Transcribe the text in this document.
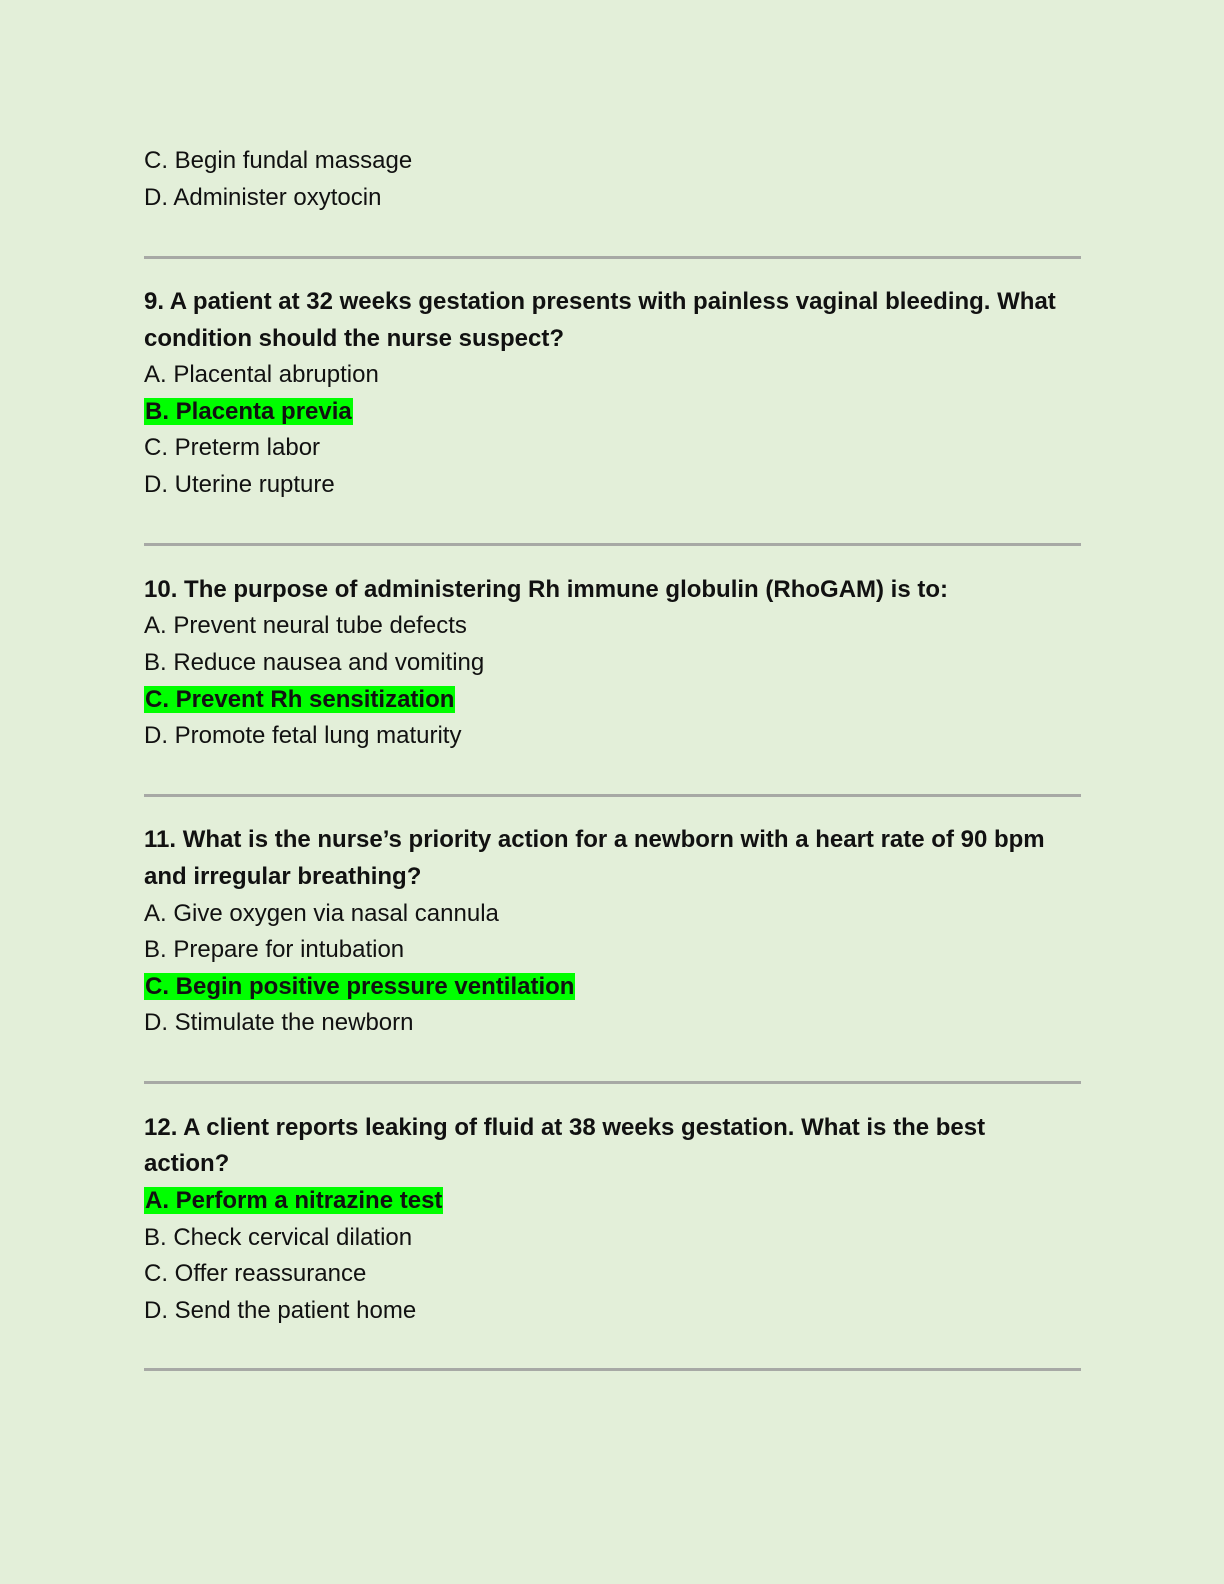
C. Begin fundal massage
D. Administer oxytocin
9. A patient at 32 weeks gestation presents with painless vaginal bleeding. What
condition should the nurse suspect?
A. Placental abruption
B. Placenta previa
C. Preterm labor
D. Uterine rupture
10. The purpose of administering Rh immune globulin (RhoGAM) is to:
A. Prevent neural tube defects
B. Reduce nausea and vomiting
C. Prevent Rh sensitization
D. Promote fetal lung maturity
11. What is the nurse’s priority action for a newborn with a heart rate of 90 bpm
and irregular breathing?
A. Give oxygen via nasal cannula
B. Prepare for intubation
C. Begin positive pressure ventilation
D. Stimulate the newborn
12. A client reports leaking of fluid at 38 weeks gestation. What is the best
action?
A. Perform a nitrazine test
B. Check cervical dilation
C. Offer reassurance
D. Send the patient home
